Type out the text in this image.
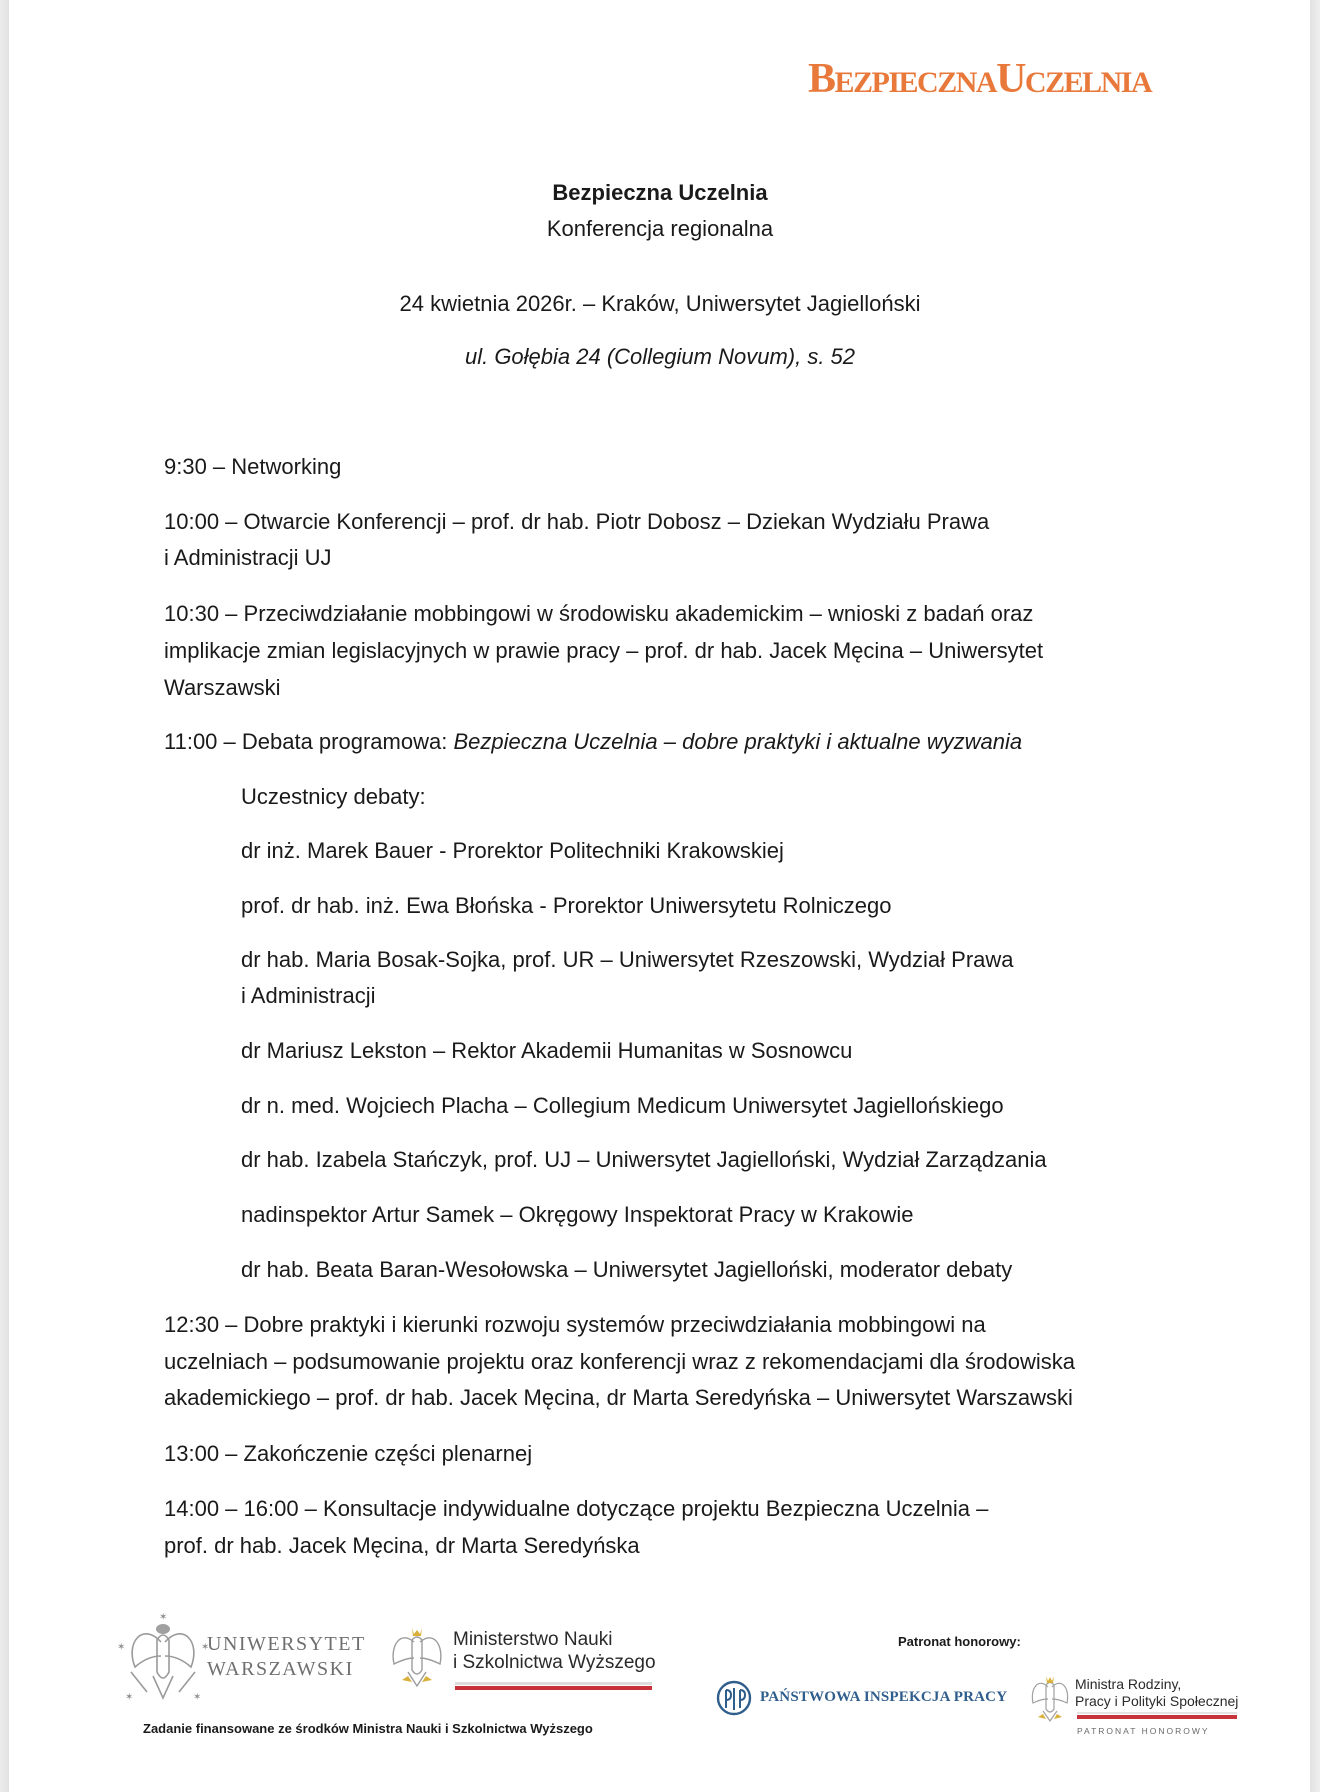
BEZPIECZNAUCZELNIA
Bezpieczna Uczelnia
Konferencja regionalna
24 kwietnia 2026r. – Kraków, Uniwersytet Jagielloński
ul. Gołębia 24 (Collegium Novum), s. 52
9:30 – Networking
10:00 – Otwarcie Konferencji – prof. dr hab. Piotr Dobosz – Dziekan Wydziału Prawa
i Administracji UJ
10:30 – Przeciwdziałanie mobbingowi w środowisku akademickim – wnioski z badań oraz
implikacje zmian legislacyjnych w prawie pracy – prof. dr hab. Jacek Męcina – Uniwersytet
Warszawski
11:00 – Debata programowa: Bezpieczna Uczelnia – dobre praktyki i aktualne wyzwania
Uczestnicy debaty:
dr inż. Marek Bauer - Prorektor Politechniki Krakowskiej
prof. dr hab. inż. Ewa Błońska - Prorektor Uniwersytetu Rolniczego
dr hab. Maria Bosak-Sojka, prof. UR – Uniwersytet Rzeszowski, Wydział Prawa
i Administracji
dr Mariusz Lekston – Rektor Akademii Humanitas w Sosnowcu
dr n. med. Wojciech Placha – Collegium Medicum Uniwersytet Jagiellońskiego
dr hab. Izabela Stańczyk, prof. UJ – Uniwersytet Jagielloński, Wydział Zarządzania
nadinspektor Artur Samek – Okręgowy Inspektorat Pracy w Krakowie
dr hab. Beata Baran-Wesołowska – Uniwersytet Jagielloński, moderator debaty
12:30 – Dobre praktyki i kierunki rozwoju systemów przeciwdziałania mobbingowi na
uczelniach – podsumowanie projektu oraz konferencji wraz z rekomendacjami dla środowiska
akademickiego – prof. dr hab. Jacek Męcina, dr Marta Seredyńska – Uniwersytet Warszawski
13:00 – Zakończenie części plenarnej
14:00 – 16:00 – Konsultacje indywidualne dotyczące projektu Bezpieczna Uczelnia –
prof. dr hab. Jacek Męcina, dr Marta Seredyńska
✶
✶	✶
✶	✶
UNIWERSYTET
WARSZAWSKI
Ministerstwo Nauki
i Szkolnictwa Wyższego
Zadanie finansowane ze środków Ministra Nauki i Szkolnictwa Wyższego
Patronat honorowy:
PAŃSTWOWA INSPEKCJA PRACY
Ministra Rodziny,
Pracy i Polityki Społecznej
PATRONAT HONOROWY
